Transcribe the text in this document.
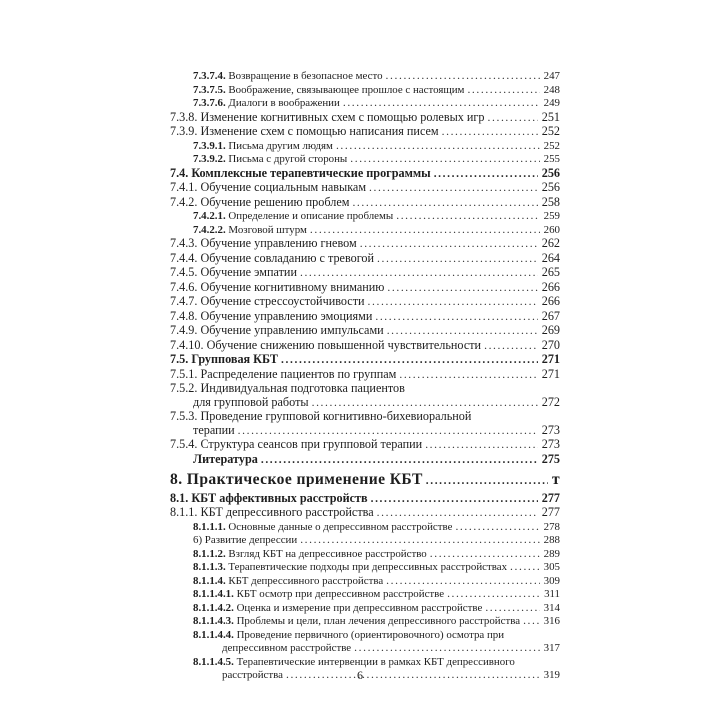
7.3.7.4. Возвращение в безопасное место .....	247
7.3.7.5. Воображение, связывающее прошлое с настоящим .....	248
7.3.7.6. Диалоги в воображении .....	249
7.3.8. Изменение когнитивных схем с помощью ролевых игр .....	251
7.3.9. Изменение схем с помощью написания писем .....	252
7.3.9.1. Письма другим людям .....	252
7.3.9.2. Письма с другой стороны .....	255
7.4. Комплексные терапевтические программы .....	256
7.4.1. Обучение социальным навыкам .....	256
7.4.2. Обучение решению проблем .....	258
7.4.2.1. Определение и описание проблемы .....	259
7.4.2.2. Мозговой штурм .....	260
7.4.3. Обучение управлению гневом .....	262
7.4.4. Обучение совладанию с тревогой .....	264
7.4.5. Обучение эмпатии .....	265
7.4.6. Обучение когнитивному вниманию .....	266
7.4.7. Обучение стрессоустойчивости .....	266
7.4.8. Обучение управлению эмоциями .....	267
7.4.9. Обучение управлению импульсами .....	269
7.4.10. Обучение снижению повышенной чувствительности .....	270
7.5. Групповая КБТ .....	271
7.5.1. Распределение пациентов по группам .....	271
7.5.2. Индивидуальная подготовка пациентов
для групповой работы .....	272
7.5.3. Проведение групповой когнитивно-бихевиоральной
терапии .....	273
7.5.4. Структура сеансов при групповой терапии .....	273
Литература .....	275
8. Практическое применение КБТ .....	т
8.1. КБТ аффективных расстройств .....	277
8.1.1. КБТ депрессивного расстройства .....	277
8.1.1.1. Основные данные о депрессивном расстройстве .....	278
6) Развитие депрессии .....	288
8.1.1.2. Взгляд КБТ на депрессивное расстройство .....	289
8.1.1.3. Терапевтические подходы при депрессивных расстройствах .....	305
8.1.1.4. КБТ депрессивного расстройства .....	309
8.1.1.4.1. КБТ осмотр при депрессивном расстройстве .....	311
8.1.1.4.2. Оценка и измерение при депрессивном расстройстве .....	314
8.1.1.4.3. Проблемы и цели, план лечения депрессивного расстройства .....	316
8.1.1.4.4. Проведение первичного (ориентировочного) осмотра при
депрессивном расстройстве .....	317
8.1.1.4.5. Терапевтические интервенции в рамках КБТ депрессивного
расстройства .....	319
6
